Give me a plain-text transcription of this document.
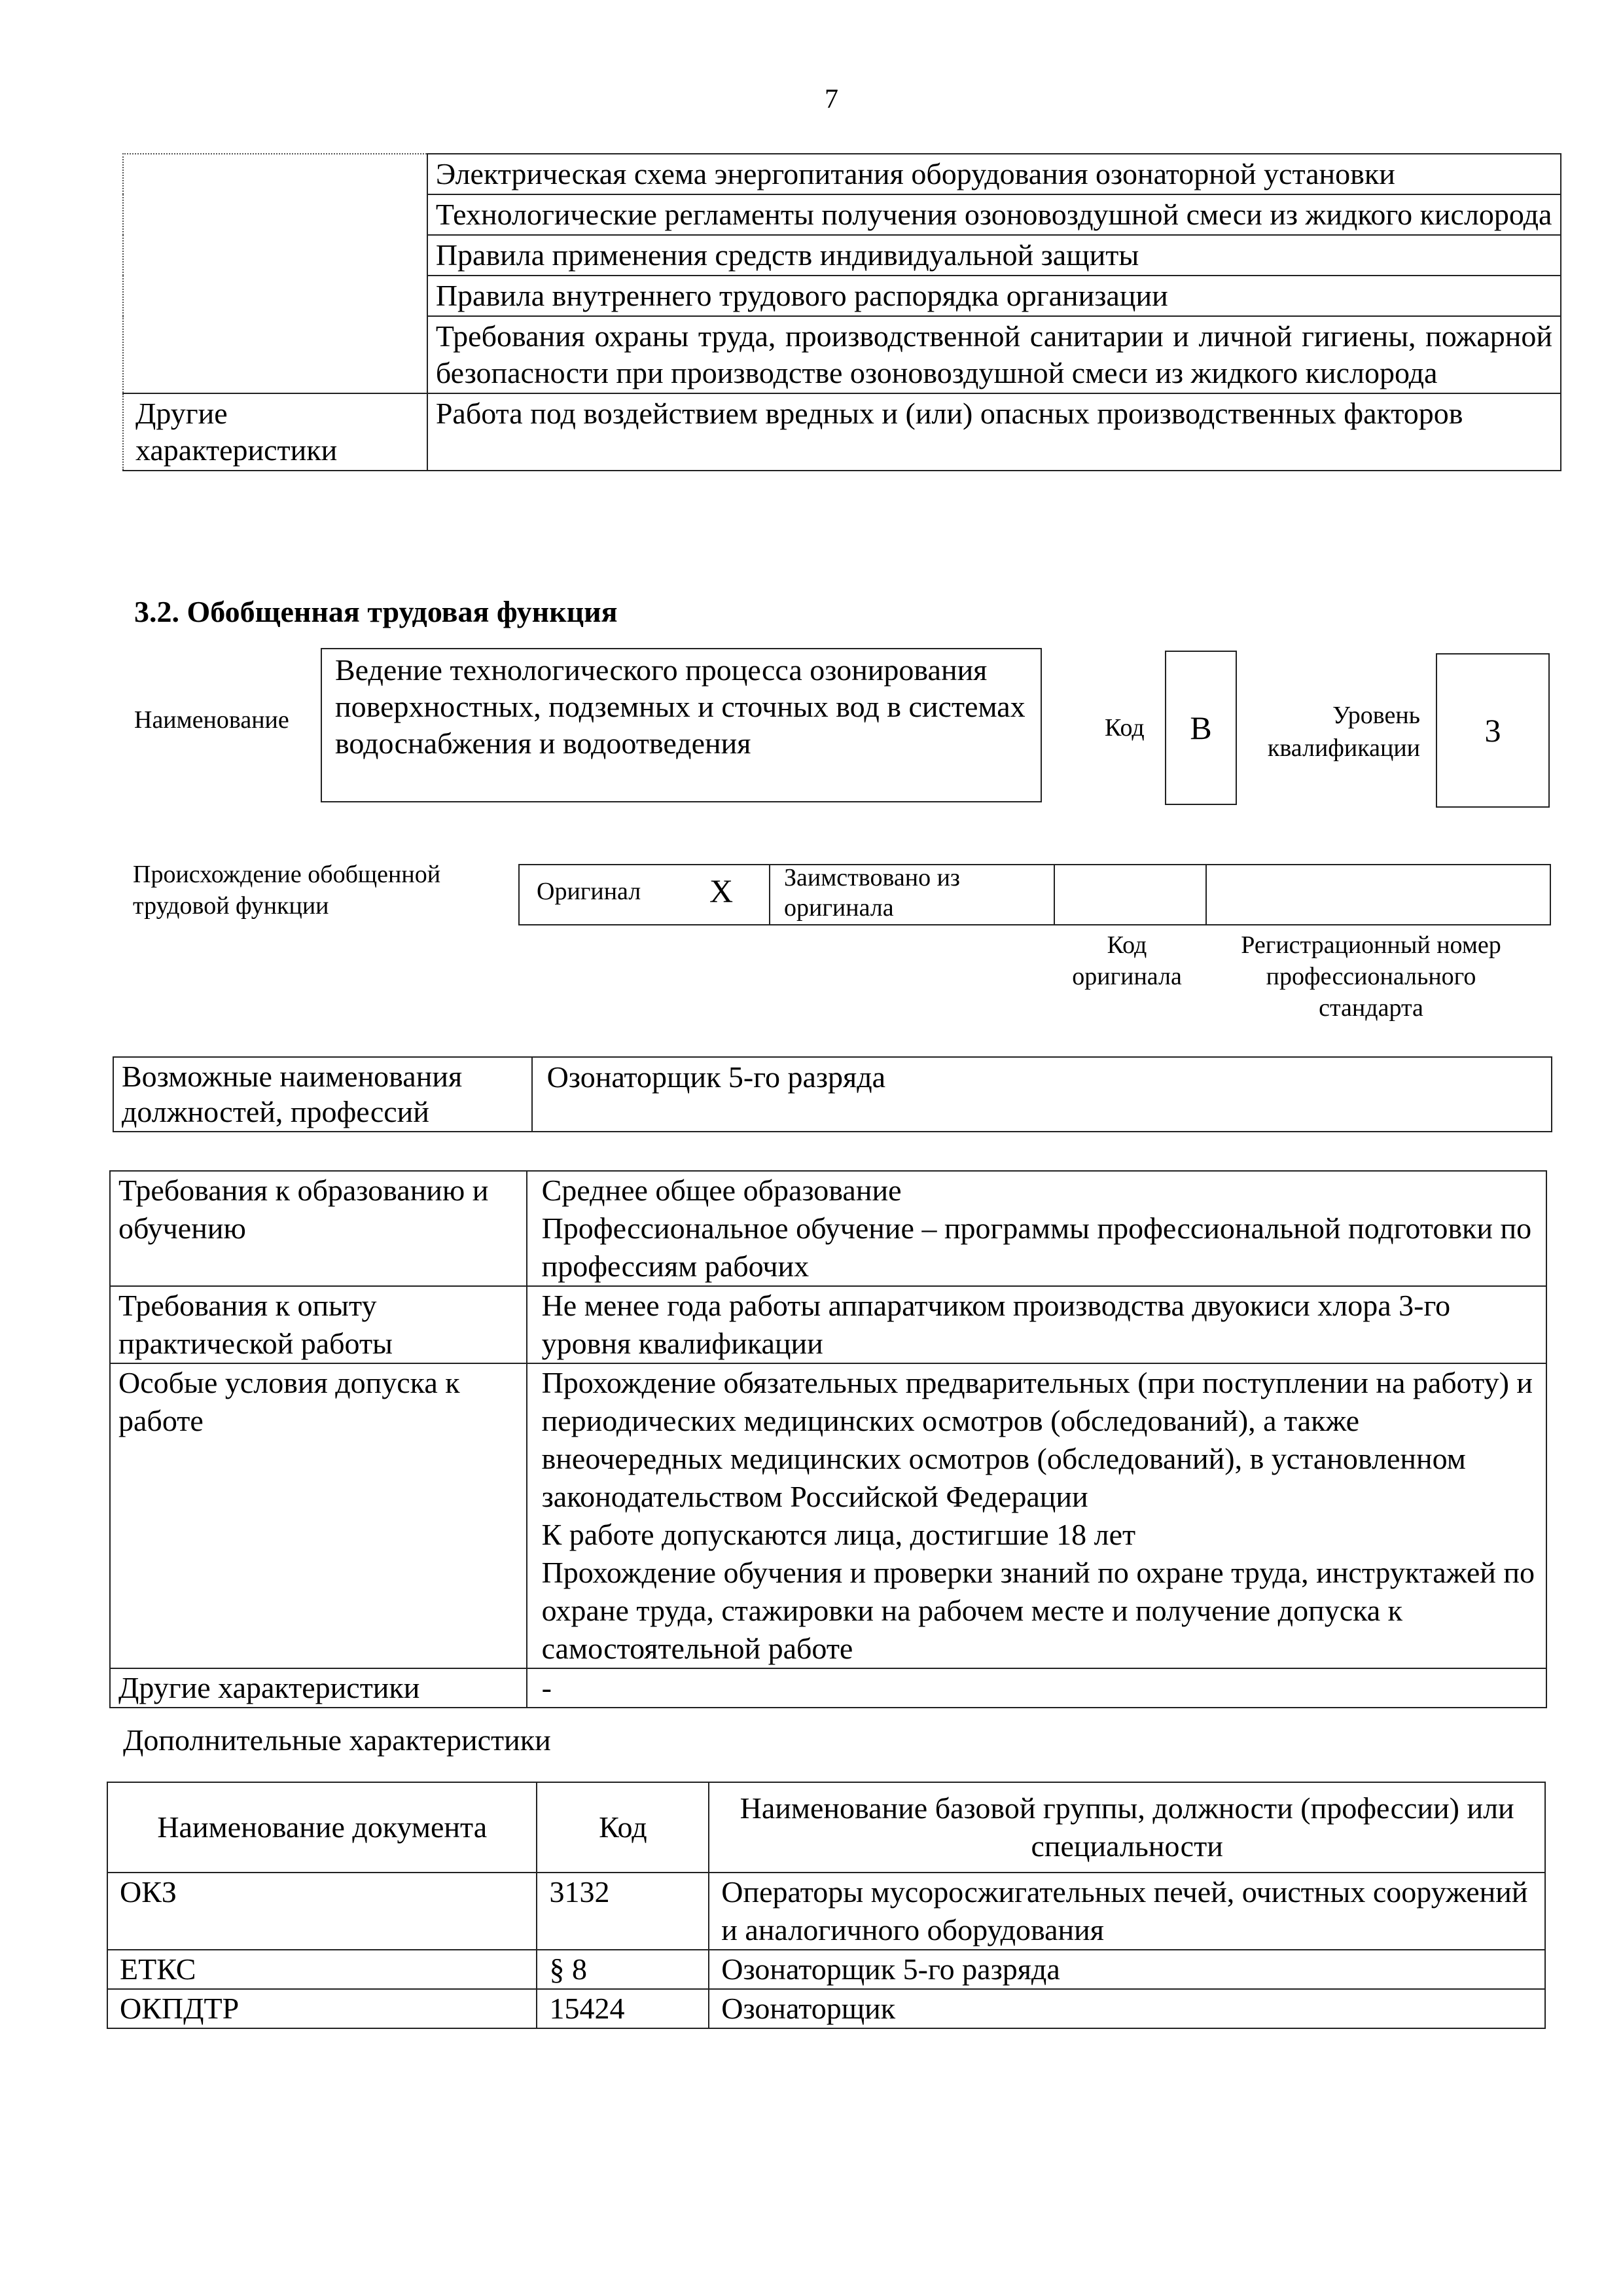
7
	Электрическая схема энергопитания оборудования озонаторной установки
	Технологические регламенты получения озоновоздушной смеси из жидкого кислорода
	Правила применения средств индивидуальной защиты
	Правила внутреннего трудового распорядка организации
	Требования охраны труда, производственной санитарии и личной гигиены, пожарной безопасности при производстве озоновоздушной смеси из жидкого кислорода
Другие характеристики	Работа под воздействием вредных и (или) опасных производственных факторов
3.2. Обобщенная трудовая функция
Наименование
Ведение технологического процесса озонирования поверхностных, подземных и сточных вод в системах водоснабжения и водоотведения	Код	B	Уровень квалификации	3
Происхождение обобщенной трудовой функции
Оригинал X Заимствовано из оригинала
Код оригинала
Регистрационный номер профессионального стандарта
Возможные наименования должностей, профессий	Озонаторщик 5-го разряда
Требования к образованию и обучению	Среднее общее образование
Профессиональное обучение – программы профессиональной подготовки по профессиям рабочих

Требования к опыту практической работы	Не менее года работы аппаратчиком производства двуокиси хлора 3-го уровня квалификации

Особые условия допуска к работе	Прохождение обязательных предварительных (при поступлении на работу) и периодических медицинских осмотров (обследований), а также внеочередных медицинских осмотров (обследований), в установленном законодательством Российской Федерации
К работе допускаются лица, достигшие 18 лет
Прохождение обучения и проверки знаний по охране труда, инструктажей по охране труда, стажировки на рабочем месте и получение допуска к самостоятельной работе

Другие характеристики	-
Дополнительные характеристики
Наименование документа	Код	Наименование базовой группы, должности (профессии) или специальности
ОКЗ	3132	Операторы мусоросжигательных печей, очистных сооружений и аналогичного оборудования
ЕТКС	§ 8	Озонаторщик 5-го разряда
ОКПДТР	15424	Озонаторщик
